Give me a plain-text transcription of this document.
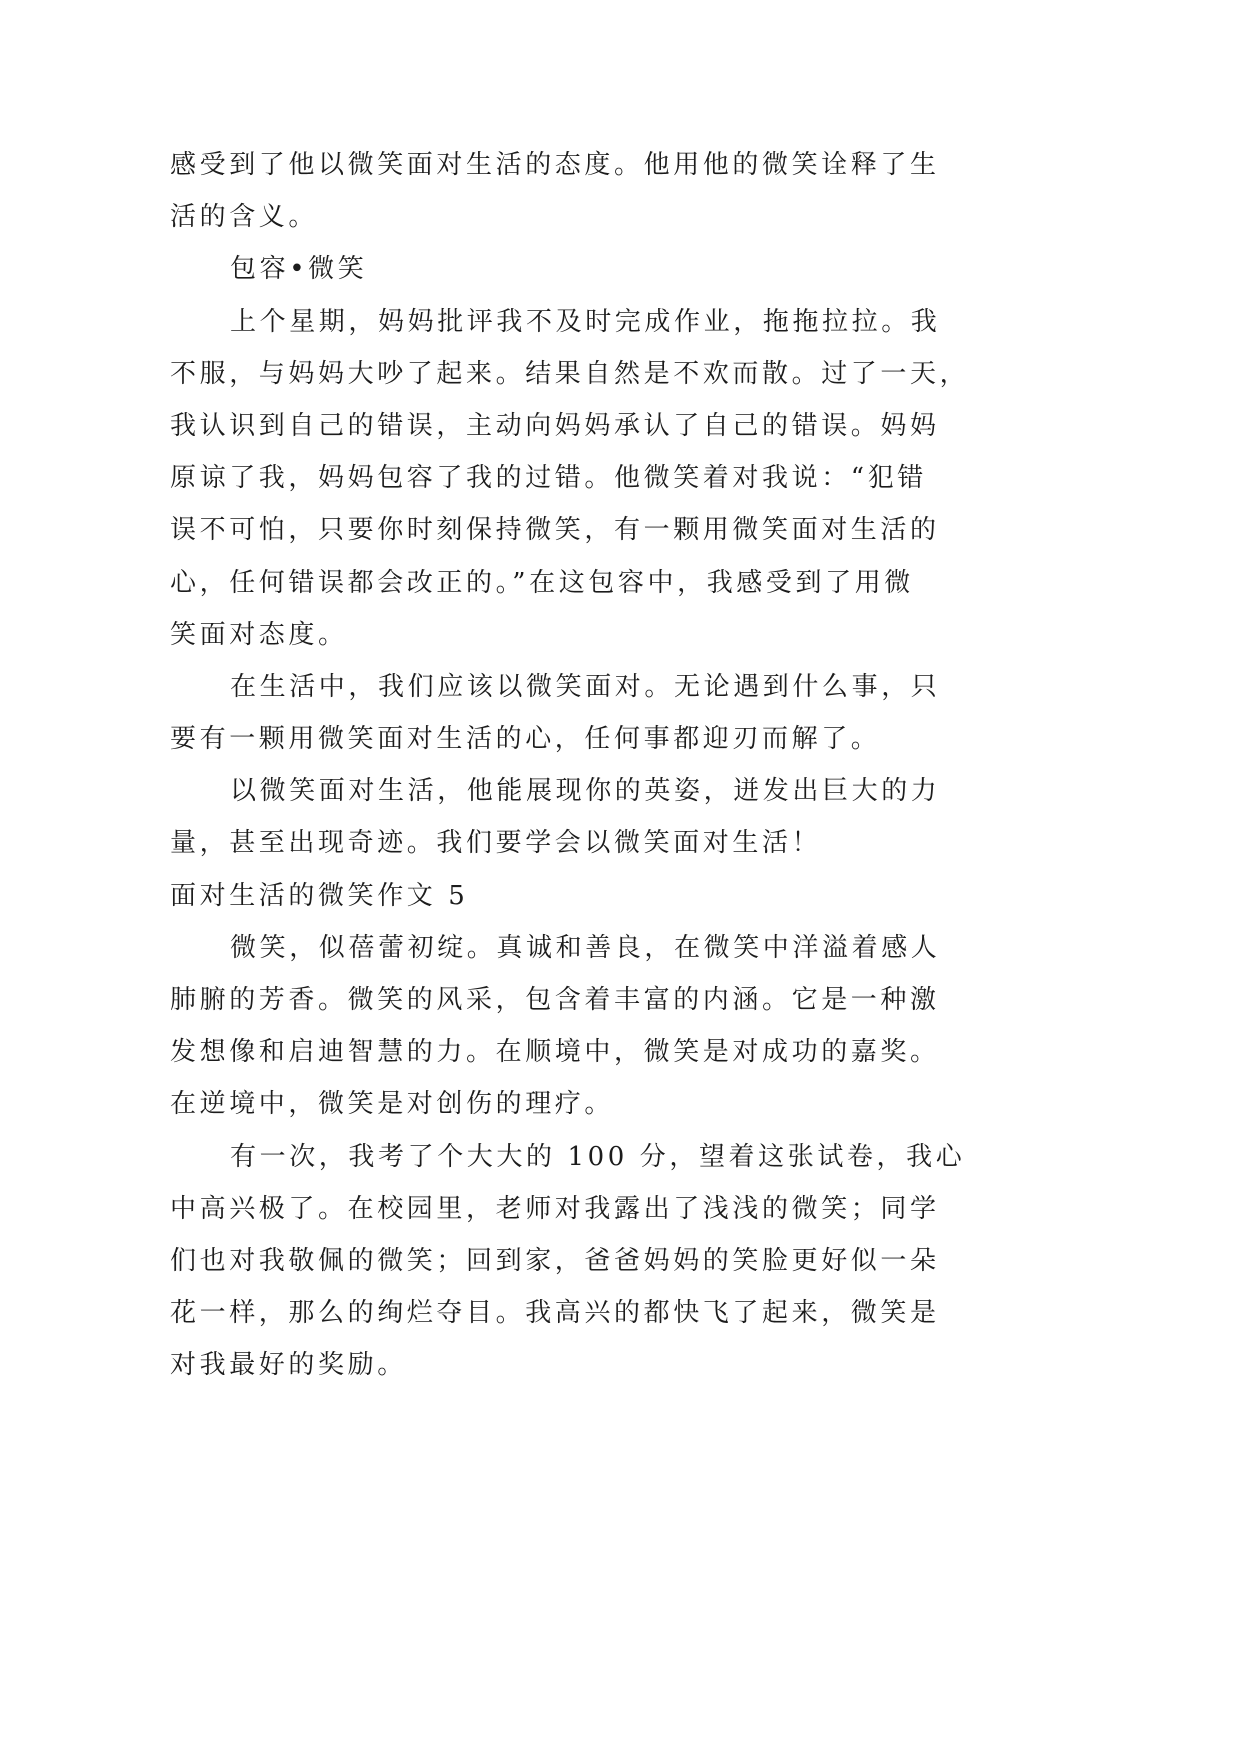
感受到了他以微笑面对生活的态度。他用他的微笑诠释了生
活的含义。
包容•微笑
上个星期，妈妈批评我不及时完成作业，拖拖拉拉。我
不服，与妈妈大吵了起来。结果自然是不欢而散。过了一天，
我认识到自己的错误，主动向妈妈承认了自己的错误。妈妈
原谅了我，妈妈包容了我的过错。他微笑着对我说：“犯错
误不可怕，只要你时刻保持微笑，有一颗用微笑面对生活的
心，任何错误都会改正的。”在这包容中，我感受到了用微
笑面对态度。
在生活中，我们应该以微笑面对。无论遇到什么事，只
要有一颗用微笑面对生活的心，任何事都迎刃而解了。
以微笑面对生活，他能展现你的英姿，迸发出巨大的力
量，甚至出现奇迹。我们要学会以微笑面对生活！
面对生活的微笑作文 5
微笑，似蓓蕾初绽。真诚和善良，在微笑中洋溢着感人
肺腑的芳香。微笑的风采，包含着丰富的内涵。它是一种激
发想像和启迪智慧的力。在顺境中，微笑是对成功的嘉奖。
在逆境中，微笑是对创伤的理疗。
有一次，我考了个大大的 100 分，望着这张试卷，我心
中高兴极了。在校园里，老师对我露出了浅浅的微笑；同学
们也对我敬佩的微笑；回到家，爸爸妈妈的笑脸更好似一朵
花一样，那么的绚烂夺目。我高兴的都快飞了起来，微笑是
对我最好的奖励。
